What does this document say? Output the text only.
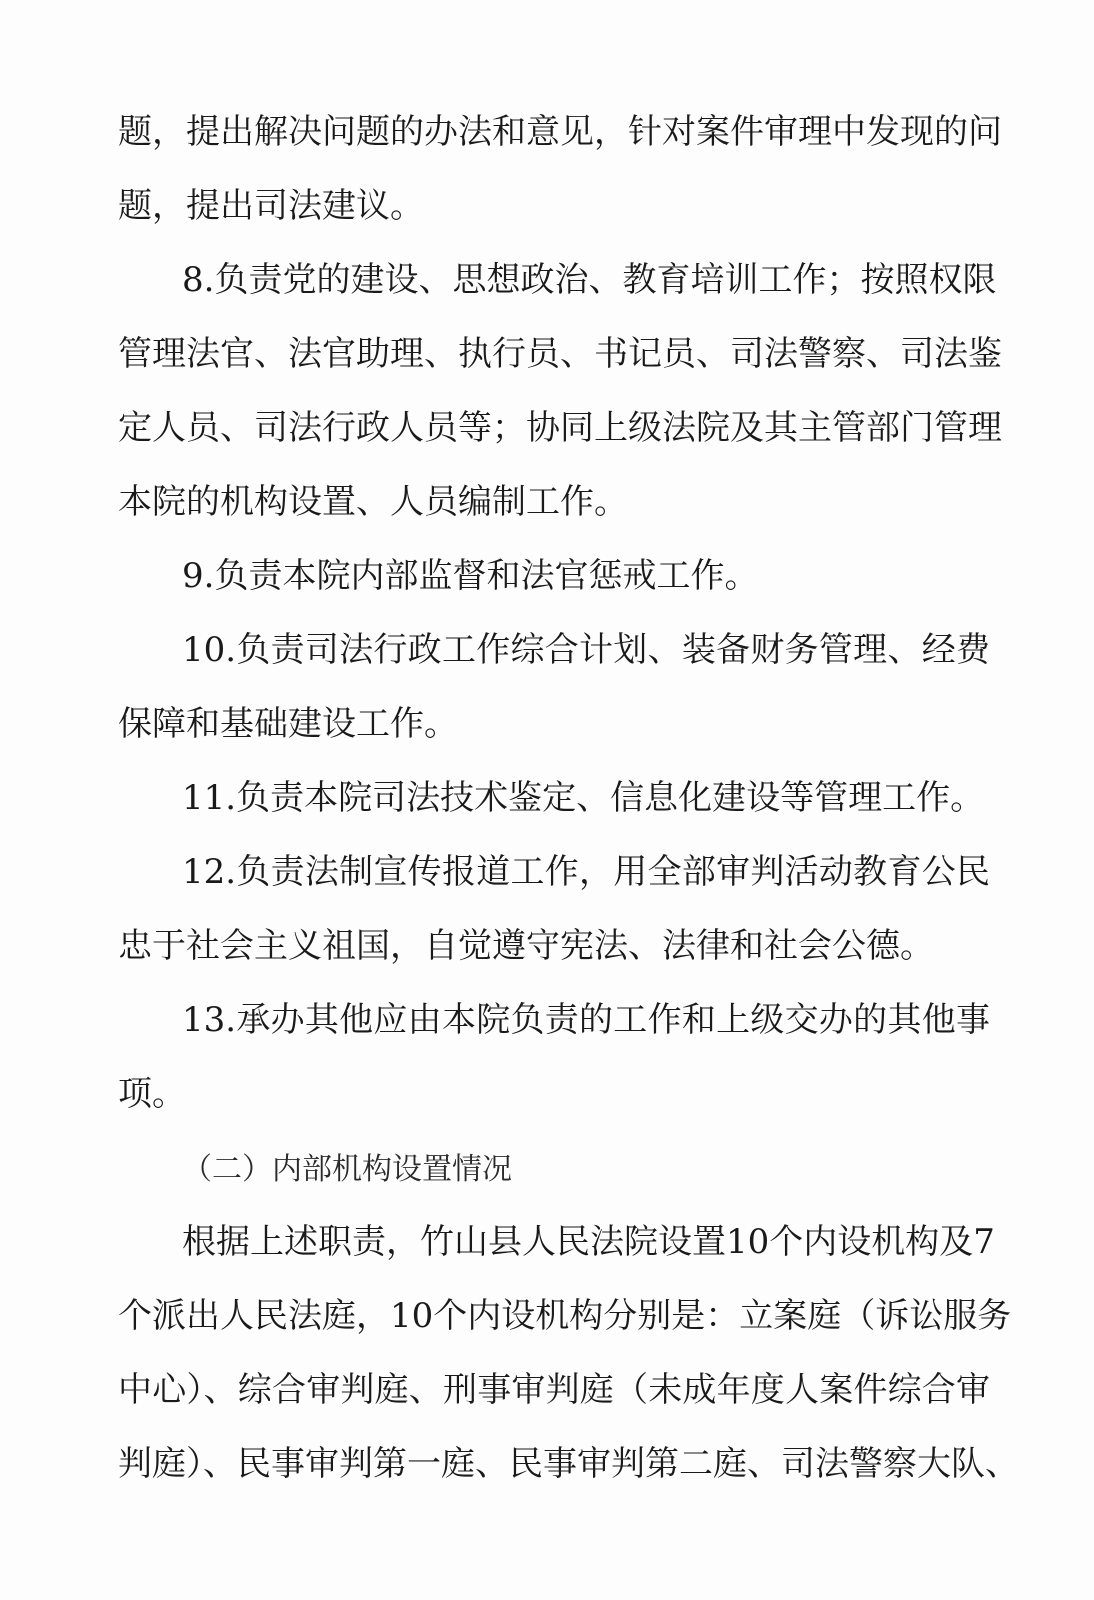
题，提出解决问题的办法和意见，针对案件审理中发现的问
题，提出司法建议。
8.负责党的建设、思想政治、教育培训工作；按照权限
管理法官、法官助理、执行员、书记员、司法警察、司法鉴
定人员、司法行政人员等；协同上级法院及其主管部门管理
本院的机构设置、人员编制工作。
9.负责本院内部监督和法官惩戒工作。
10.负责司法行政工作综合计划、装备财务管理、经费
保障和基础建设工作。
11.负责本院司法技术鉴定、信息化建设等管理工作。
12.负责法制宣传报道工作，用全部审判活动教育公民
忠于社会主义祖国，自觉遵守宪法、法律和社会公德。
13.承办其他应由本院负责的工作和上级交办的其他事
项。
（二）内部机构设置情况
根据上述职责，竹山县人民法院设置10个内设机构及7
个派出人民法庭，10个内设机构分别是：立案庭（诉讼服务
中心）、综合审判庭、刑事审判庭（未成年度人案件综合审
判庭）、民事审判第一庭、民事审判第二庭、司法警察大队、
